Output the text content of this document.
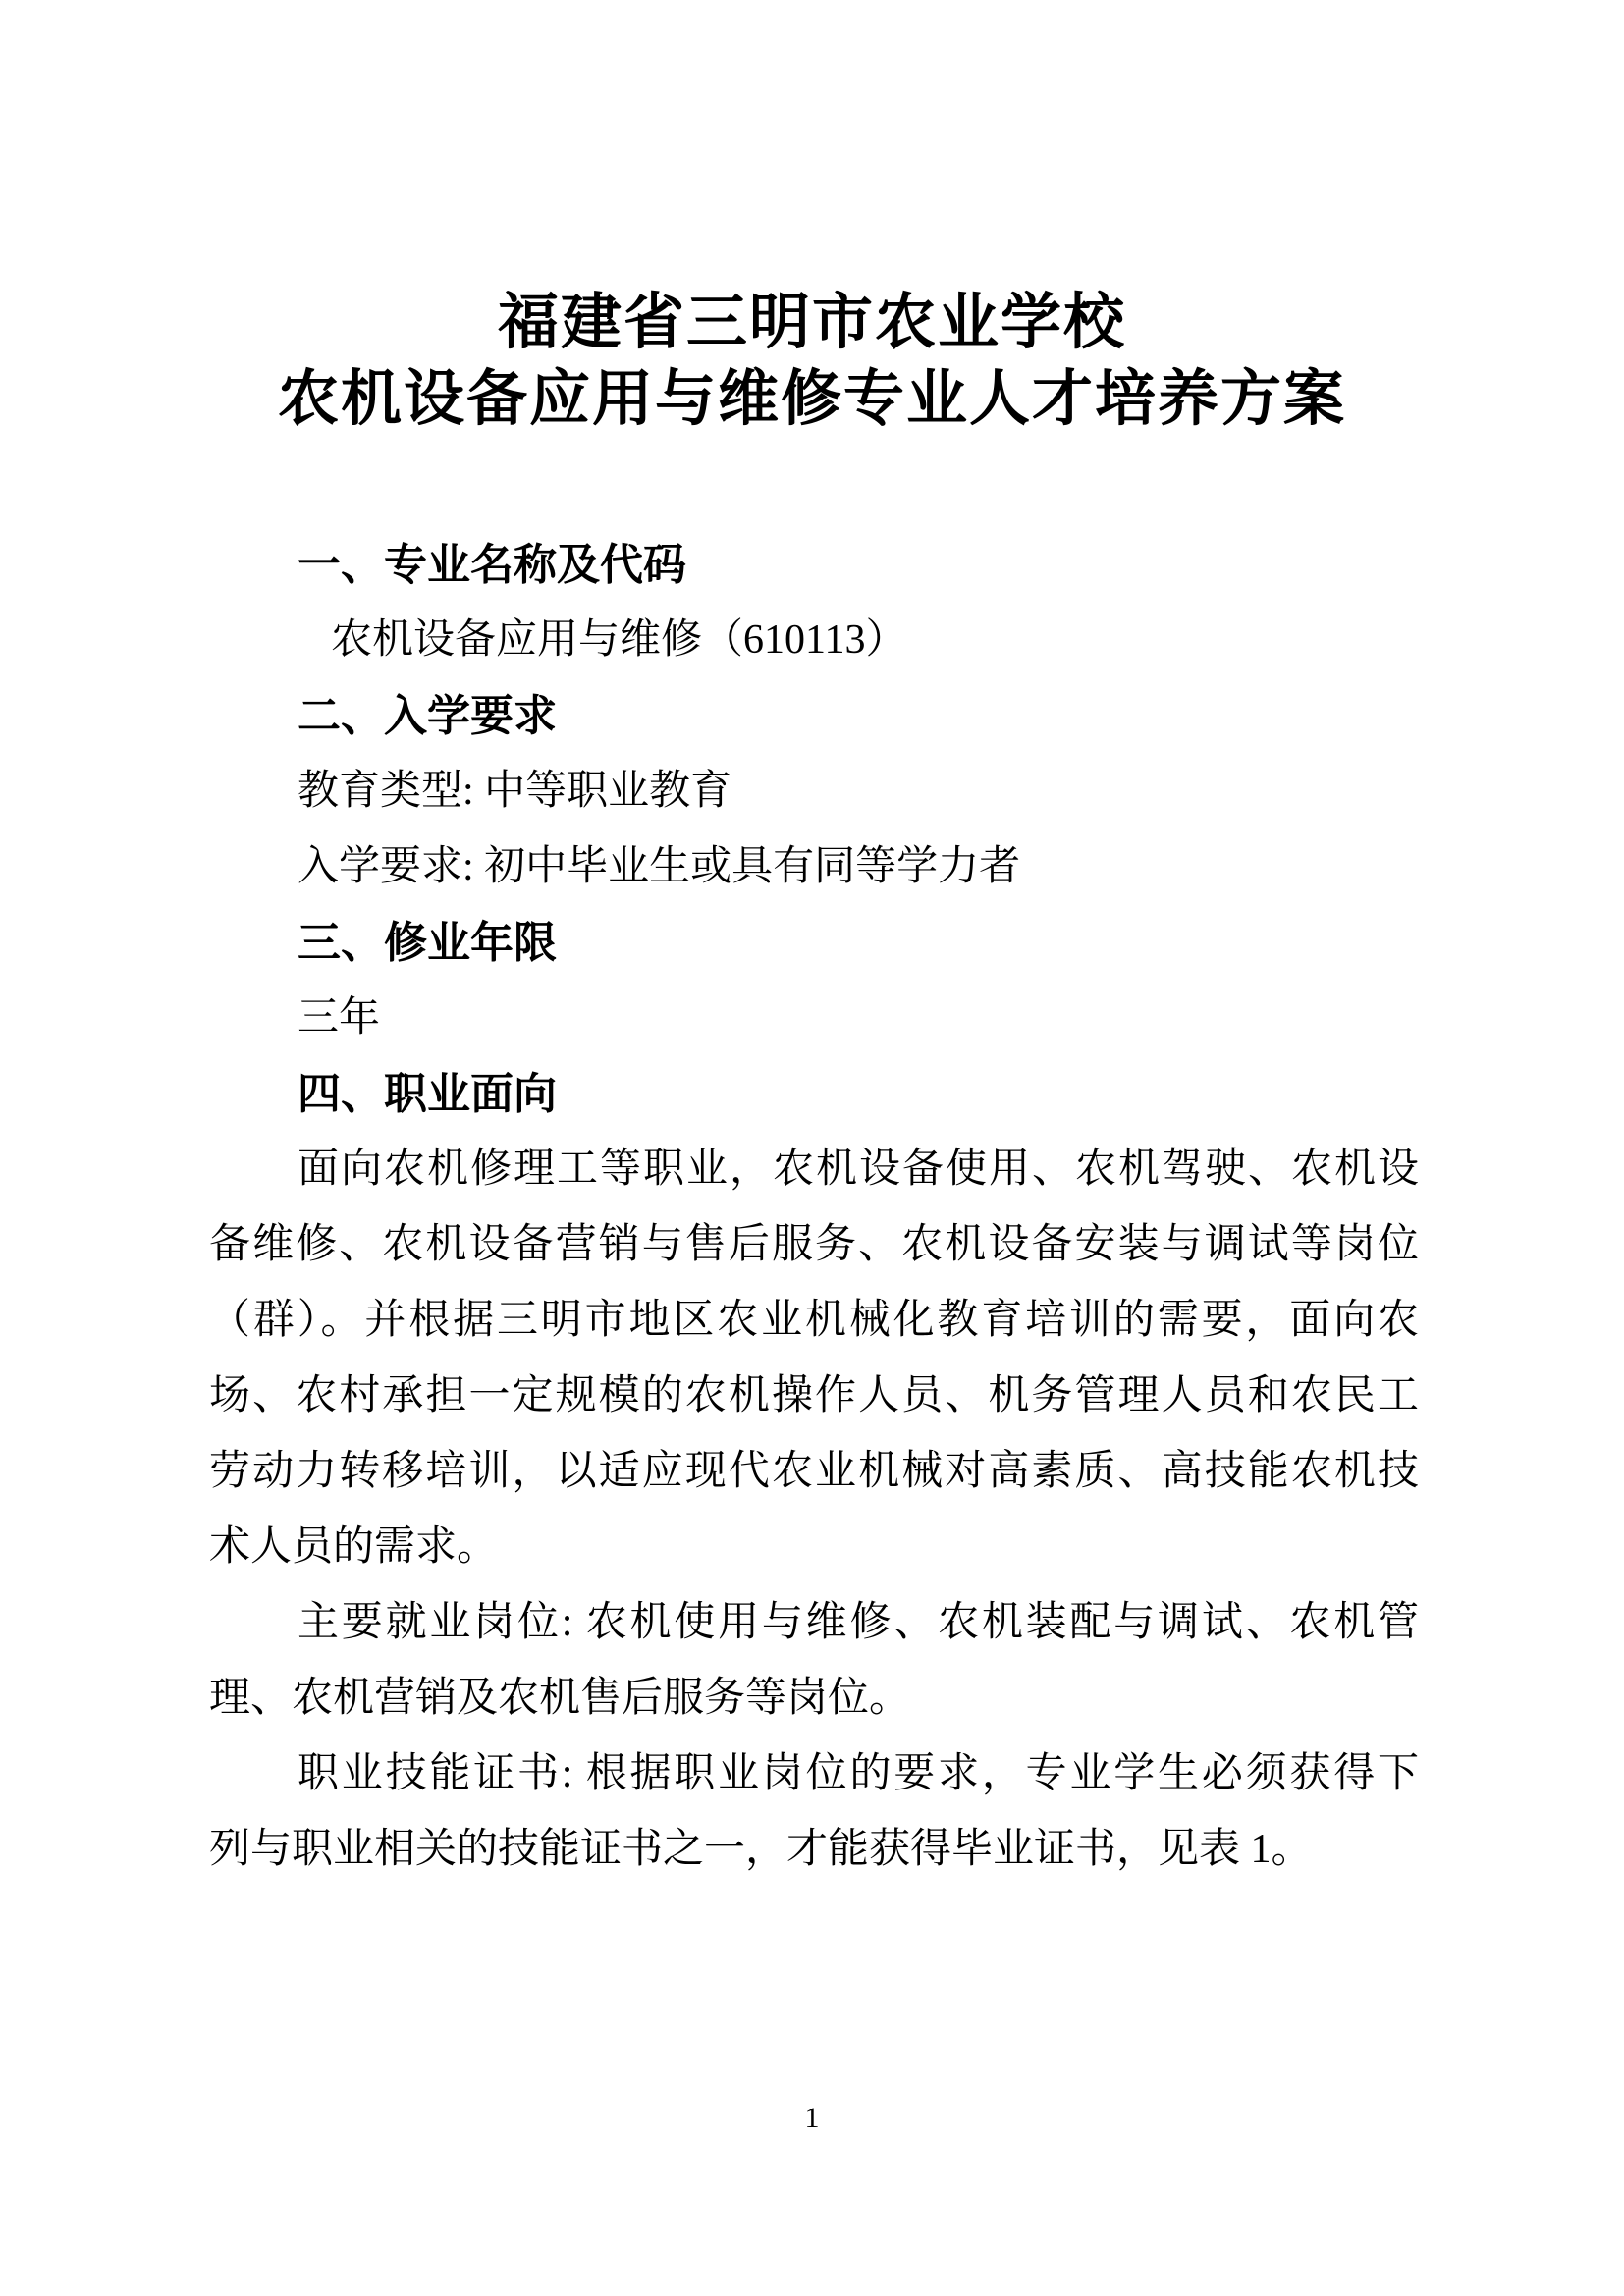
福建省三明市农业学校
农机设备应用与维修专业人才培养方案
一、专业名称及代码
农机设备应用与维修（610113）
二、入学要求
教育类型: 中等职业教育
入学要求: 初中毕业生或具有同等学力者
三、修业年限
三年
四、职业面向
面向农机修理工等职业，农机设备使用、农机驾驶、农机设
备维修、农机设备营销与售后服务、农机设备安装与调试等岗位
（群）。并根据三明市地区农业机械化教育培训的需要，面向农
场、农村承担一定规模的农机操作人员、机务管理人员和农民工
劳动力转移培训，以适应现代农业机械对高素质、高技能农机技
术人员的需求。
主要就业岗位: 农机使用与维修、农机装配与调试、农机管
理、农机营销及农机售后服务等岗位。
职业技能证书: 根据职业岗位的要求，专业学生必须获得下
列与职业相关的技能证书之一，才能获得毕业证书，见表 1。
1
